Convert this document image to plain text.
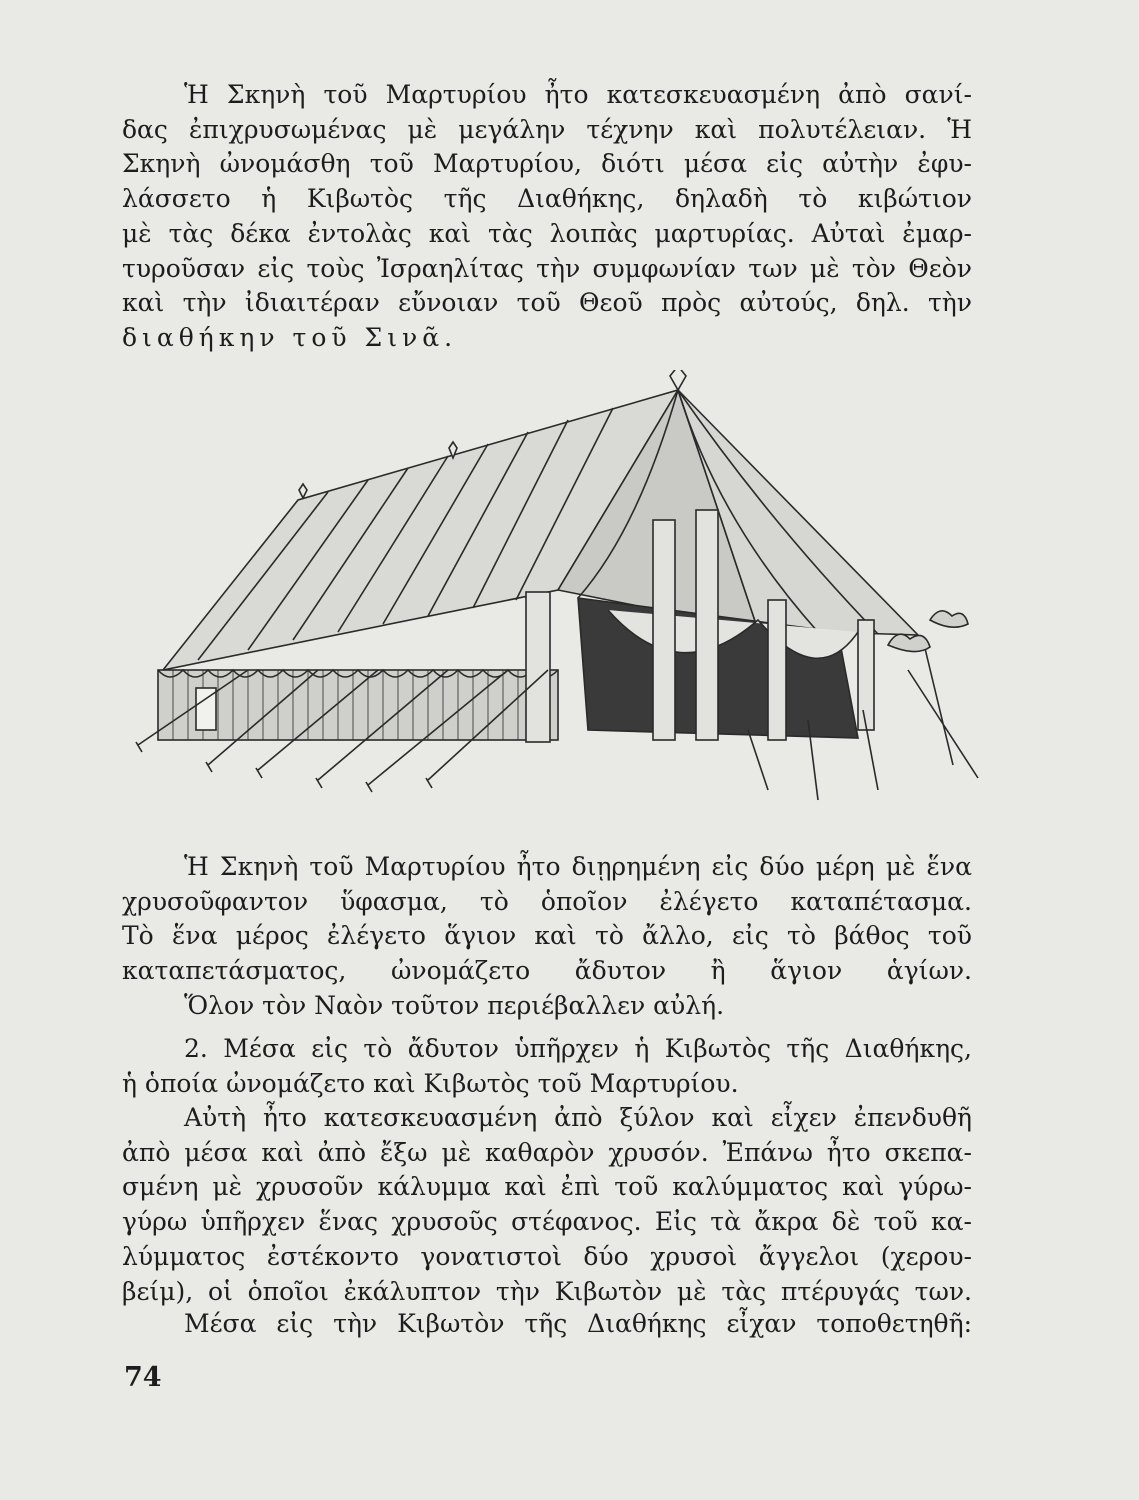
Ἡ Σκηνὴ τοῦ Μαρτυρίου ἦτο κατεσκευασμένη ἀπὸ σανί-
δας ἐπιχρυσωμένας μὲ μεγάλην τέχνην καὶ πολυτέλειαν. Ἡ
Σκηνὴ ὠνομάσθη τοῦ Μαρτυρίου, διότι μέσα εἰς αὐτὴν ἐφυ-
λάσσετο ἡ Κιβωτὸς τῆς Διαθήκης, δηλαδὴ τὸ κιβώτιον
μὲ τὰς δέκα ἐντολὰς καὶ τὰς λοιπὰς μαρτυρίας. Αὐταὶ ἐμαρ-
τυροῦσαν εἰς τοὺς Ἰσραηλίτας τὴν συμφωνίαν των μὲ τὸν Θεὸν
καὶ τὴν ἰδιαιτέραν εὔνοιαν τοῦ Θεοῦ πρὸς αὐτούς, δηλ. τὴν
διαθήκην τοῦ Σινᾶ.

Ἡ Σκηνὴ τοῦ Μαρτυρίου ἦτο διῃρημένη εἰς δύο μέρη μὲ ἕνα
χρυσοῦφαντον ὕφασμα, τὸ ὁποῖον ἐλέγετο καταπέτασμα.
Τὸ ἕνα μέρος ἐλέγετο ἅγιον καὶ τὸ ἄλλο, εἰς τὸ βάθος τοῦ
καταπετάσματος, ὠνομάζετο ἄδυτον ἢ ἅγιον ἁγίων.
Ὅλον τὸν Ναὸν τοῦτον περιέβαλλεν αὐλή.

2. Μέσα εἰς τὸ ἄδυτον ὑπῆρχεν ἡ Κιβωτὸς τῆς Διαθήκης,
ἡ ὁποία ὠνομάζετο καὶ Κιβωτὸς τοῦ Μαρτυρίου.

Αὐτὴ ἦτο κατεσκευασμένη ἀπὸ ξύλον καὶ εἶχεν ἐπενδυθῆ
ἀπὸ μέσα καὶ ἀπὸ ἔξω μὲ καθαρὸν χρυσόν. Ἐπάνω ἦτο σκεπα-
σμένη μὲ χρυσοῦν κάλυμμα καὶ ἐπὶ τοῦ καλύμματος καὶ γύρω-
γύρω ὑπῆρχεν ἕνας χρυσοῦς στέφανος. Εἰς τὰ ἄκρα δὲ τοῦ κα-
λύμματος ἐστέκοντο γονατιστοὶ δύο χρυσοὶ ἄγγελοι (χερου-
βείμ), οἱ ὁποῖοι ἐκάλυπτον τὴν Κιβωτὸν μὲ τὰς πτέρυγάς των.

Μέσα εἰς τὴν Κιβωτὸν τῆς Διαθήκης εἶχαν τοποθετηθῆ:

74
